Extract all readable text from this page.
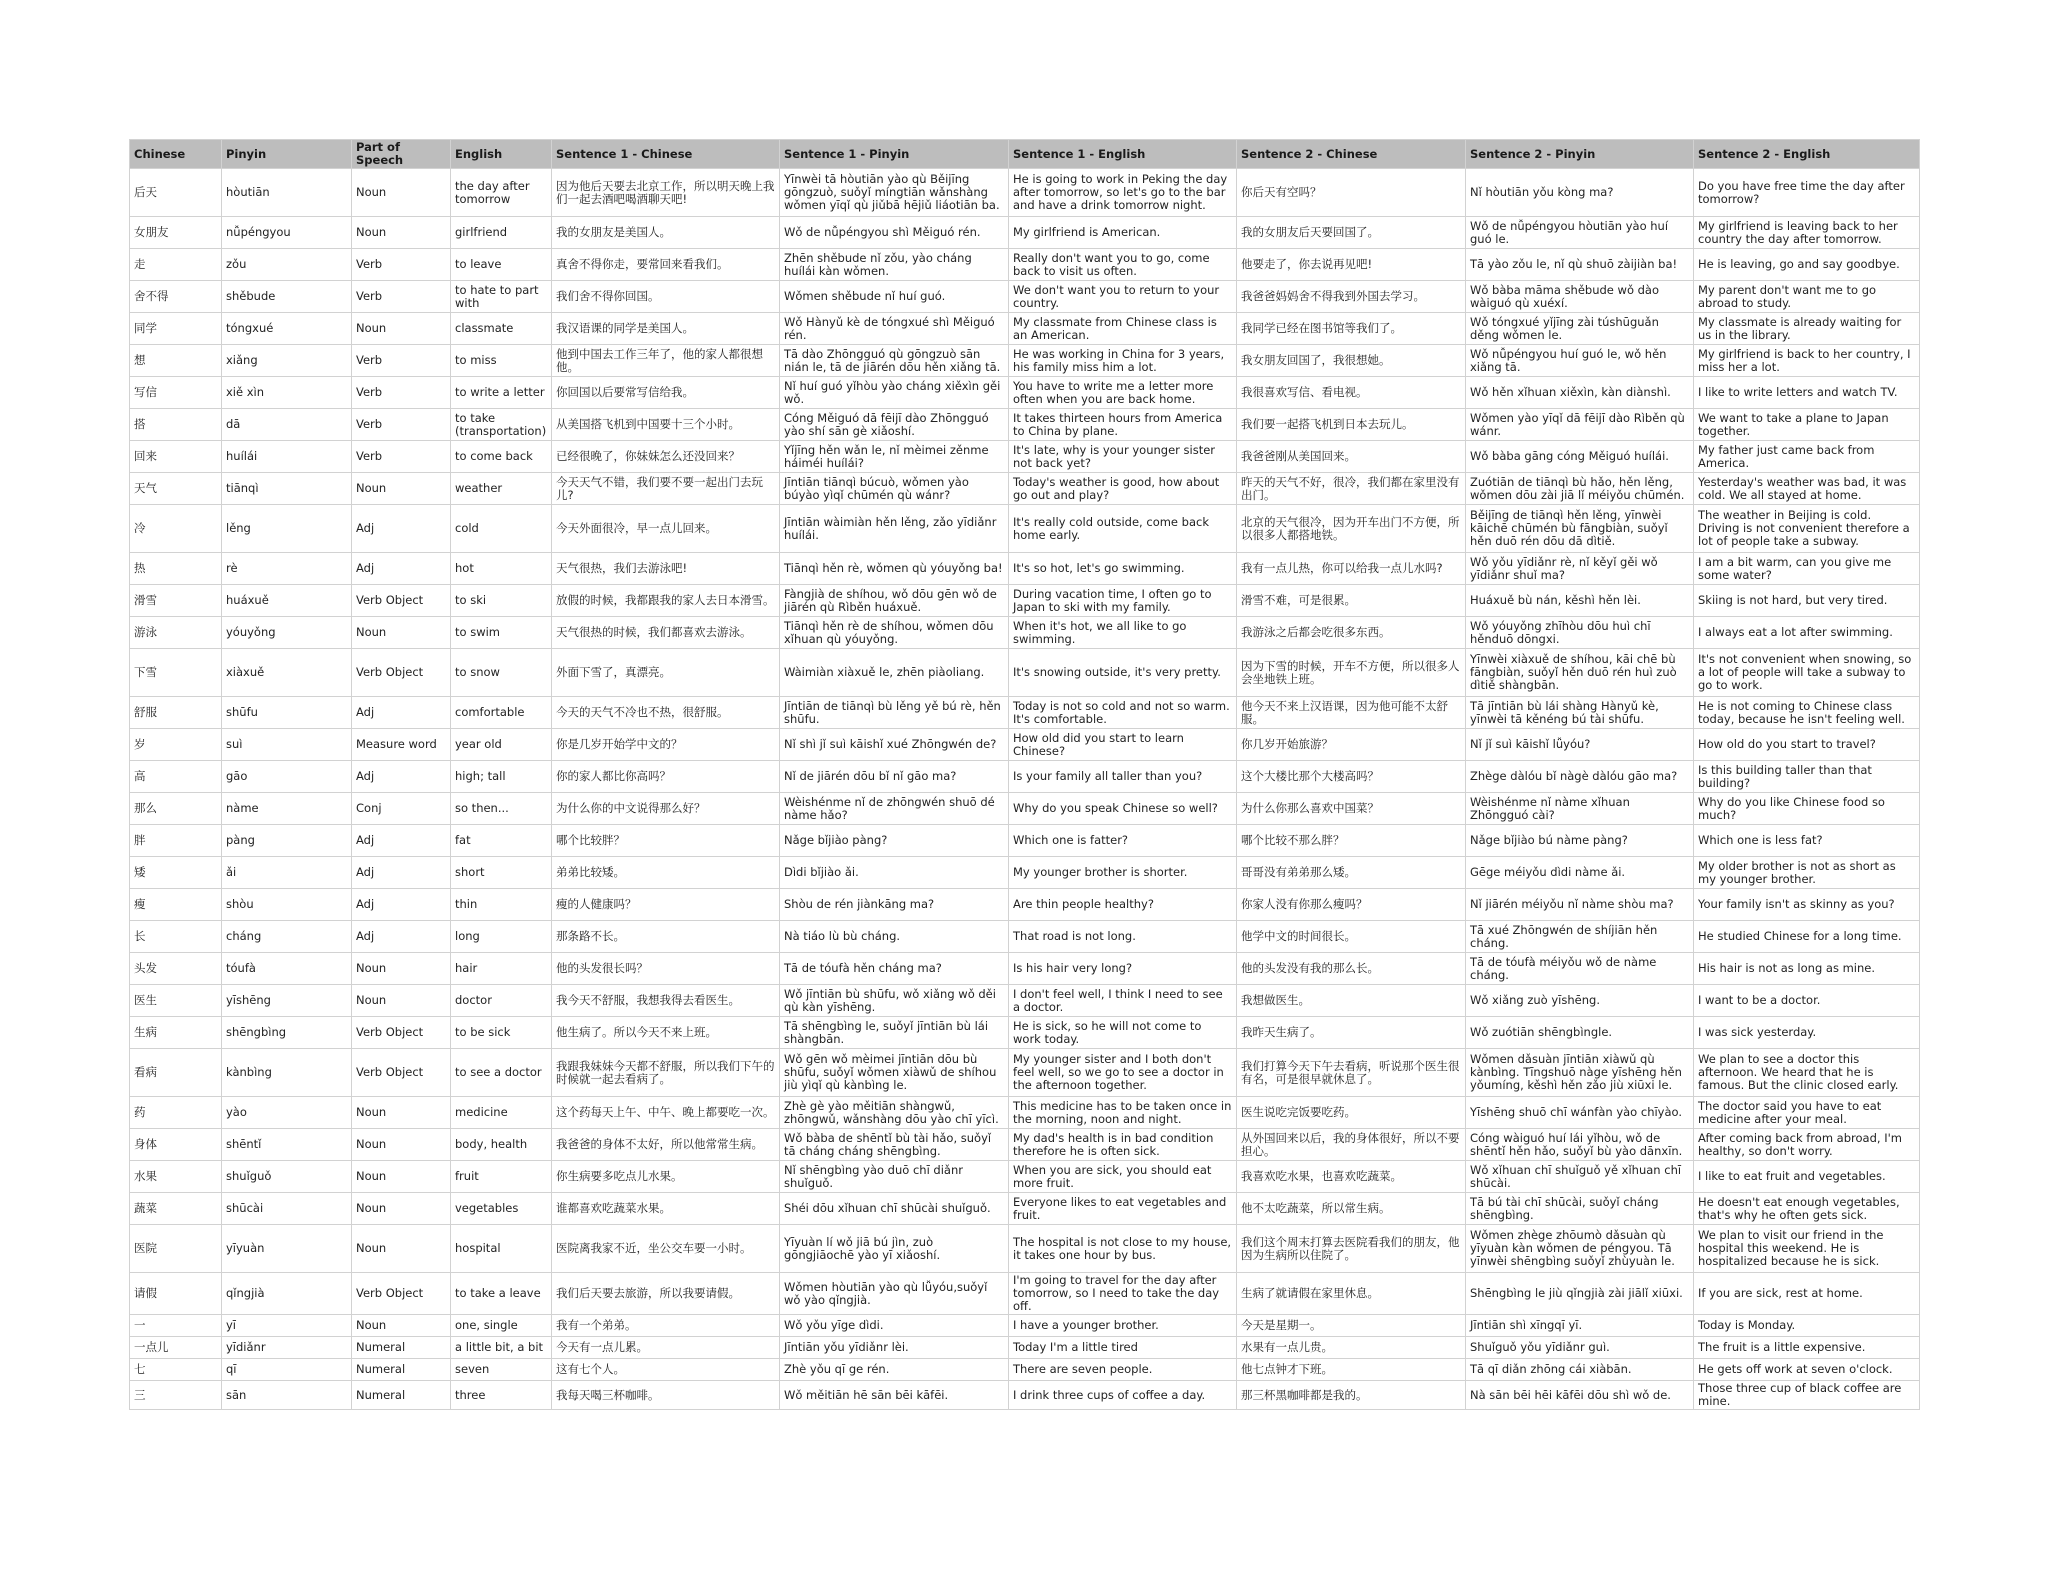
Chinese	Pinyin	Part of Speech	English	Sentence 1 - Chinese	Sentence 1 - Pinyin	Sentence 1 - English	Sentence 2 - Chinese	Sentence 2 - Pinyin	Sentence 2 - English
后天	hòutiān	Noun	the day after tomorrow	因为他后天要去北京工作，所以明天晚上我们一起去酒吧喝酒聊天吧!	Yīnwèi tā hòutiān yào qù Běijīng gōngzuò, suǒyǐ míngtiān wǎnshàng wǒmen yīqǐ qù jiǔbā hējiǔ liáotiān ba.	He is going to work in Peking the day after tomorrow, so let's go to the bar and have a drink tomorrow night.	你后天有空吗？	Nǐ hòutiān yǒu kòng ma?	Do you have free time the day after tomorrow?
女朋友	nǚpéngyou	Noun	girlfriend	我的女朋友是美国人。	Wǒ de nǚpéngyou shì Měiguó rén.	My girlfriend is American.	我的女朋友后天要回国了。	Wǒ de nǚpéngyou hòutiān yào huí guó le.	My girlfriend is leaving back to her country the day after tomorrow.
走	zǒu	Verb	to leave	真舍不得你走，要常回来看我们。	Zhēn shěbude nǐ zǒu, yào cháng huílái kàn wǒmen.	Really don't want you to go, come back to visit us often.	他要走了，你去说再见吧!	Tā yào zǒu le, nǐ qù shuō zàijiàn ba!	He is leaving, go and say goodbye.
舍不得	shěbude	Verb	to hate to part with	我们舍不得你回国。	Wǒmen shěbude nǐ huí guó.	We don't want you to return to your country.	我爸爸妈妈舍不得我到外国去学习。	Wǒ bàba māma shěbude wǒ dào wàiguó qù xuéxí.	My parent don't want me to go abroad to study.
同学	tóngxué	Noun	classmate	我汉语课的同学是美国人。	Wǒ Hànyǔ kè de tóngxué shì Měiguó rén.	My classmate from Chinese class is an American.	我同学已经在图书馆等我们了。	Wǒ tóngxué yǐjīng zài túshūguǎn děng wǒmen le.	My classmate is already waiting for us in the library.
想	xiǎng	Verb	to miss	他到中国去工作三年了，他的家人都很想他。	Tā dào Zhōngguó qù gōngzuò sān nián le, tā de jiārén dōu hěn xiǎng tā.	He was working in China for 3 years, his family miss him a lot.	我女朋友回国了，我很想她。	Wǒ nǚpéngyou huí guó le, wǒ hěn xiǎng tā.	My girlfriend is back to her country, I miss her a lot.
写信	xiě xìn	Verb	to write a letter	你回国以后要常写信给我。	Nǐ huí guó yǐhòu yào cháng xiěxìn gěi wǒ.	You have to write me a letter more often when you are back home.	我很喜欢写信、看电视。	Wǒ hěn xǐhuan xiěxìn, kàn diànshì.	I like to write letters and watch TV.
搭	dā	Verb	to take (transportation)	从美国搭飞机到中国要十三个小时。	Cóng Měiguó dā fēijī dào Zhōngguó yào shí sān gè xiǎoshí.	It takes thirteen hours from America to China by plane.	我们要一起搭飞机到日本去玩儿。	Wǒmen yào yīqǐ dā fēijī dào Rìběn qù wánr.	We want to take a plane to Japan together.
回来	huílái	Verb	to come back	已经很晚了，你妹妹怎么还没回来？	Yǐjīng hěn wǎn le, nǐ mèimei zěnme háiméi huílái?	It's late, why is your younger sister not back yet?	我爸爸刚从美国回来。	Wǒ bàba gāng cóng Měiguó huílái.	My father just came back from America.
天气	tiānqì	Noun	weather	今天天气不错，我们要不要一起出门去玩儿?	Jīntiān tiānqì búcuò, wǒmen yào búyào yìqǐ chūmén qù wánr?	Today's weather is good, how about go out and play?	昨天的天气不好，很冷，我们都在家里没有出门。	Zuótiān de tiānqì bù hǎo, hěn lěng, wǒmen dōu zài jiā lǐ méiyǒu chūmén.	Yesterday's weather was bad, it was cold. We all stayed at home.
冷	lěng	Adj	cold	今天外面很冷，早一点儿回来。	Jīntiān wàimiàn hěn lěng, zǎo yīdiǎnr huílái.	It's really cold outside, come back home early.	北京的天气很冷，因为开车出门不方便，所以很多人都搭地铁。	Běijīng de tiānqì hěn lěng, yīnwèi kāichē chūmén bù fāngbiàn, suǒyǐ hěn duō rén dōu dā dìtiě.	The weather in Beijing is cold. Driving is not convenient therefore a lot of people take a subway.
热	rè	Adj	hot	天气很热，我们去游泳吧!	Tiānqì hěn rè, wǒmen qù yóuyǒng ba!	It's so hot, let's go swimming.	我有一点儿热，你可以给我一点儿水吗?	Wǒ yǒu yīdiǎnr rè, nǐ kěyǐ gěi wǒ yīdiǎnr shuǐ ma?	I am a bit warm, can you give me some water?
滑雪	huáxuě	Verb Object	to ski	放假的时候，我都跟我的家人去日本滑雪。	Fàngjià de shíhou, wǒ dōu gēn wǒ de jiārén qù Rìběn huáxuě.	During vacation time, I often go to Japan to ski with my family.	滑雪不难，可是很累。	Huáxuě bù nán, kěshì hěn lèi.	Skiing is not hard, but very tired.
游泳	yóuyǒng	Noun	to swim	天气很热的时候，我们都喜欢去游泳。	Tiānqì hěn rè de shíhou, wǒmen dōu xǐhuan qù yóuyǒng.	When it's hot, we all like to go swimming.	我游泳之后都会吃很多东西。	Wǒ yóuyǒng zhīhòu dōu huì chī hěnduō dōngxi.	I always eat a lot after swimming.
下雪	xiàxuě	Verb Object	to snow	外面下雪了，真漂亮。	Wàimiàn xiàxuě le, zhēn piàoliang.	It's snowing outside, it's very pretty.	因为下雪的时候，开车不方便，所以很多人会坐地铁上班。	Yīnwèi xiàxuě de shíhou, kāi chē bù fāngbiàn, suǒyǐ hěn duō rén huì zuò dìtiě shàngbān.	It's not convenient when snowing, so a lot of people will take a subway to go to work.
舒服	shūfu	Adj	comfortable	今天的天气不冷也不热，很舒服。	Jīntiān de tiānqì bù lěng yě bú rè, hěn shūfu.	Today is not so cold and not so warm. It's comfortable.	他今天不来上汉语课，因为他可能不太舒服。	Tā jīntiān bù lái shàng Hànyǔ kè, yīnwèi tā kěnéng bú tài shūfu.	He is not coming to Chinese class today, because he isn't feeling well.
岁	suì	Measure word	year old	你是几岁开始学中文的？	Nǐ shì jǐ suì kāishǐ xué Zhōngwén de?	How old did you start to learn Chinese?	你几岁开始旅游？	Nǐ jǐ suì kāishǐ lǚyóu?	How old do you start to travel?
高	gāo	Adj	high; tall	你的家人都比你高吗？	Nǐ de jiārén dōu bǐ nǐ gāo ma?	Is your family all taller than you?	这个大楼比那个大楼高吗？	Zhège dàlóu bǐ nàgè dàlóu gāo ma?	Is this building taller than that building?
那么	nàme	Conj	so then...	为什么你的中文说得那么好？	Wèishénme nǐ de zhōngwén shuō dé nàme hǎo?	Why do you speak Chinese so well?	为什么你那么喜欢中国菜？	Wèishénme nǐ nàme xǐhuan Zhōngguó cài?	Why do you like Chinese food so much?
胖	pàng	Adj	fat	哪个比较胖？	Nǎge bǐjiào pàng?	Which one is fatter?	哪个比较不那么胖？	Nǎge bǐjiào bú nàme pàng?	Which one is less fat?
矮	ǎi	Adj	short	弟弟比较矮。	Dìdi bǐjiào ǎi.	My younger brother is shorter.	哥哥没有弟弟那么矮。	Gēge méiyǒu dìdi nàme ǎi.	My older brother is not as short as my younger brother.
瘦	shòu	Adj	thin	瘦的人健康吗？	Shòu de rén jiànkāng ma?	Are thin people healthy?	你家人没有你那么瘦吗？	Nǐ jiārén méiyǒu nǐ nàme shòu ma?	Your family isn't as skinny as you?
长	cháng	Adj	long	那条路不长。	Nà tiáo lù bù cháng.	That road is not long.	他学中文的时间很长。	Tā xué Zhōngwén de shíjiān hěn cháng.	He studied Chinese for a long time.
头发	tóufà	Noun	hair	他的头发很长吗？	Tā de tóufà hěn cháng ma?	Is his hair very long?	他的头发没有我的那么长。	Tā de tóufà méiyǒu wǒ de nàme cháng.	His hair is not as long as mine.
医生	yīshēng	Noun	doctor	我今天不舒服，我想我得去看医生。	Wǒ jīntiān bù shūfu, wǒ xiǎng wǒ děi qù kàn yīshēng.	I don't feel well, I think I need to see a doctor.	我想做医生。	Wǒ xiǎng zuò yīshēng.	I want to be a doctor.
生病	shēngbìng	Verb Object	to be sick	他生病了。所以今天不来上班。	Tā shēngbìng le, suǒyǐ jīntiān bù lái shàngbān.	He is sick, so he will not come to work today.	我昨天生病了。	Wǒ zuótiān shēngbìngle.	I was sick yesterday.
看病	kànbìng	Verb Object	to see a doctor	我跟我妹妹今天都不舒服，所以我们下午的时候就一起去看病了。	Wǒ gēn wǒ mèimei jīntiān dōu bù shūfu, suǒyǐ wǒmen xiàwǔ de shíhou jiù yìqǐ qù kànbìng le.	My younger sister and I both don't feel well, so we go to see a doctor in the afternoon together.	我们打算今天下午去看病，听说那个医生很有名，可是很早就休息了。	Wǒmen dǎsuàn jīntiān xiàwǔ qù kànbìng. Tīngshuō nàge yīshēng hěn yǒumíng, kěshì hěn zǎo jiù xiūxi le.	We plan to see a doctor this afternoon. We heard that he is famous. But the clinic closed early.
药	yào	Noun	medicine	这个药每天上午、中午、晚上都要吃一次。	Zhè gè yào měitiān shàngwǔ, zhōngwǔ, wǎnshàng dōu yào chī yīcì.	This medicine has to be taken once in the morning, noon and night.	医生说吃完饭要吃药。	Yīshēng shuō chī wánfàn yào chīyào.	The doctor said you have to eat medicine after your meal.
身体	shēntǐ	Noun	body, health	我爸爸的身体不太好，所以他常常生病。	Wǒ bàba de shēntǐ bù tài hǎo, suǒyǐ tā cháng cháng shēngbìng.	My dad's health is in bad condition therefore he is often sick.	从外国回来以后，我的身体很好，所以不要担心。	Cóng wàiguó huí lái yǐhòu, wǒ de shēntǐ hěn hǎo, suǒyǐ bù yào dānxīn.	After coming back from abroad, I'm healthy, so don't worry.
水果	shuǐguǒ	Noun	fruit	你生病要多吃点儿水果。	Nǐ shēngbìng yào duō chī diǎnr shuǐguǒ.	When you are sick, you should eat more fruit.	我喜欢吃水果，也喜欢吃蔬菜。	Wǒ xǐhuan chī shuǐguǒ yě xǐhuan chī shūcài.	I like to eat fruit and vegetables.
蔬菜	shūcài	Noun	vegetables	谁都喜欢吃蔬菜水果。	Shéi dōu xǐhuan chī shūcài shuǐguǒ.	Everyone likes to eat vegetables and fruit.	他不太吃蔬菜，所以常生病。	Tā bú tài chī shūcài, suǒyǐ cháng shēngbìng.	He doesn't eat enough vegetables, that's why he often gets sick.
医院	yīyuàn	Noun	hospital	医院离我家不近，坐公交车要一小时。	Yīyuàn lí wǒ jiā bú jìn, zuò gōngjiāochē yào yī xiǎoshí.	The hospital is not close to my house, it takes one hour by bus.	我们这个周末打算去医院看我们的朋友，他因为生病所以住院了。	Wǒmen zhège zhōumò dǎsuàn qù yīyuàn kàn wǒmen de péngyou. Tā yīnwèi shēngbìng suǒyǐ zhùyuàn le.	We plan to visit our friend in the hospital this weekend. He is hospitalized because he is sick.
请假	qǐngjià	Verb Object	to take a leave	我们后天要去旅游，所以我要请假。	Wǒmen hòutiān yào qù lǚyóu,suǒyǐ wǒ yào qǐngjià.	I'm going to travel for the day after tomorrow, so I need to take the day off.	生病了就请假在家里休息。	Shēngbìng le jiù qǐngjià zài jiālǐ xiūxi.	If you are sick, rest at home.
一	yī	Noun	one, single	我有一个弟弟。	Wǒ yǒu yīge dìdi.	I have a younger brother.	今天是星期一。	Jīntiān shì xīngqī yī.	Today is Monday.
一点儿	yīdiǎnr	Numeral	a little bit, a bit	今天有一点儿累。	Jīntiān yǒu yīdiǎnr lèi.	Today I'm a little tired	水果有一点儿贵。	Shuǐguǒ yǒu yīdiǎnr guì.	The fruit is a little expensive.
七	qī	Numeral	seven	这有七个人。	Zhè yǒu qī ge rén.	There are seven people.	他七点钟才下班。	Tā qī diǎn zhōng cái xiàbān.	He gets off work at seven o'clock.
三	sān	Numeral	three	我每天喝三杯咖啡。	Wǒ měitiān hē sān bēi kāfēi.	I drink three cups of coffee a day.	那三杯黑咖啡都是我的。	Nà sān bēi hēi kāfēi dōu shì wǒ de.	Those three cup of black coffee are mine.
